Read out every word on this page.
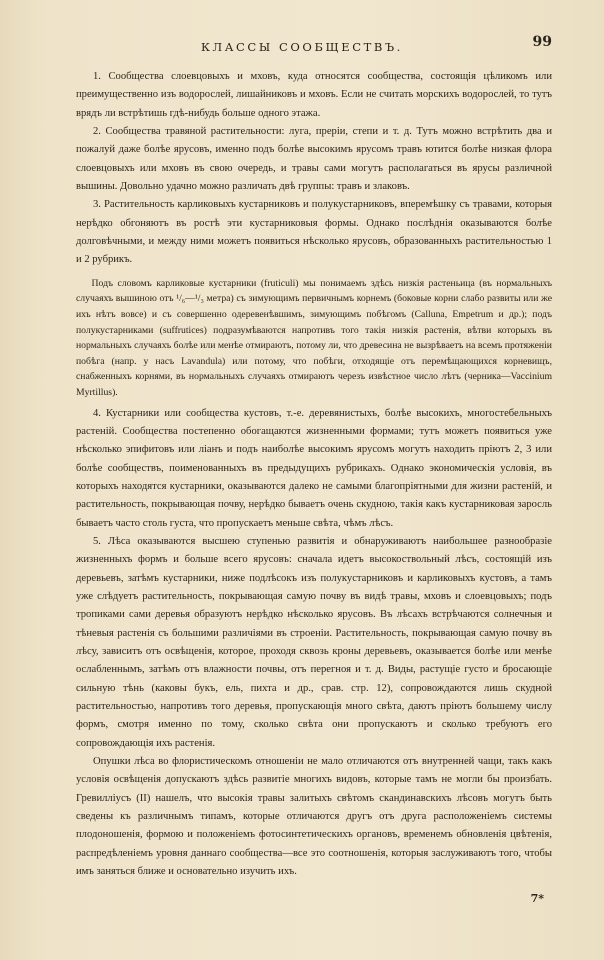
КЛАССЫ СООБЩЕСТВЪ.	99

1. Сообщества слоевцовыхъ и мховъ, куда относятся сообщества, состоящія цѣликомъ или преимущественно изъ водорослей, лишайниковъ и мховъ. Если не считать морскихъ водорослей, то тутъ врядъ ли встрѣтишь гдѣ-нибудь больше одного этажа.

2. Сообщества травяной растительности: луга, преріи, степи и т. д. Тутъ можно встрѣтить два и пожалуй даже болѣе ярусовъ, именно подъ болѣе высокимъ ярусомъ травъ ютится болѣе низкая флора слоевцовыхъ или мховъ въ свою очередь, и травы сами могутъ располагаться въ ярусы различной вышины. Довольно удачно можно различать двѣ группы: травъ и злаковъ.

3. Растительность карликовыхъ кустарниковъ и полукустарниковъ, вперемѣшку съ травами, которыя нерѣдко обгоняютъ въ ростѣ эти кустарниковыя формы. Однако послѣднія оказываются болѣе долговѣчными, и между ними можетъ появиться нѣсколько ярусовъ, образованныхъ растительностью 1 и 2 рубрикъ.

Подъ словомъ карликовые кустарники (fruticuli) мы понимаемъ здѣсь низкія растеньица (въ нормальныхъ случаяхъ вышиною отъ ¹/₆—¹/₃ метра) съ зимующимъ первичнымъ корнемъ (боковые корни слабо развиты или же ихъ нѣтъ вовсе) и съ совершенно одеревенѣвшимъ, зимующимъ побѣгомъ (Calluna, Empetrum и др.); подъ полукустарниками (suffrutices) подразумѣваются напротивъ того такія низкія растенія, вѣтви которыхъ въ нормальныхъ случаяхъ болѣе или менѣе отмираютъ, потому ли, что древесина не вызрѣваетъ на всемъ протяженіи побѣга (напр. у насъ Lavandula) или потому, что побѣги, отходящіе отъ перемѣщающихся корневищъ, снабженныхъ корнями, въ нормальныхъ случаяхъ отмираютъ черезъ извѣстное число лѣтъ (черника—Vaccinium Myrtillus).

4. Кустарники или сообщества кустовъ, т.-е. деревянистыхъ, болѣе высокихъ, многостебельныхъ растеній. Сообщества постепенно обогащаются жизненными формами; тутъ можетъ появиться уже нѣсколько эпифитовъ или ліанъ и подъ наиболѣе высокимъ ярусомъ могутъ находить пріютъ 2, 3 или болѣе сообществъ, поименованныхъ въ предыдущихъ рубрикахъ. Однако экономическія условія, въ которыхъ находятся кустарники, оказываются далеко не самыми благопріятными для жизни растеній, и растительность, покрывающая почву, нерѣдко бываетъ очень скудною, такія какъ кустарниковая заросль бываетъ часто столь густа, что пропускаетъ меньше свѣта, чѣмъ лѣсъ.

5. Лѣса оказываются высшею ступенью развитія и обнаруживаютъ наибольшее разнообразіе жизненныхъ формъ и больше всего ярусовъ: сначала идетъ высокоствольный лѣсъ, состоящій изъ деревьевъ, затѣмъ кустарники, ниже подлѣсокъ изъ полукустарниковъ и карликовыхъ кустовъ, а тамъ уже слѣдуетъ растительность, покрывающая самую почву въ видѣ травы, мховъ и слоевцовыхъ; подъ тропиками сами деревья образуютъ нерѣдко нѣсколько ярусовъ. Въ лѣсахъ встрѣчаются солнечныя и тѣневыя растенія съ большими различіями въ строеніи. Растительность, покрывающая самую почву въ лѣсу, зависитъ отъ освѣщенія, которое, проходя сквозь кроны деревьевъ, оказывается болѣе или менѣе ослабленнымъ, затѣмъ отъ влажности почвы, отъ перегноя и т. д. Виды, растущіе густо и бросающіе сильную тѣнь (каковы букъ, ель, пихта и др., срав. стр. 12), сопровождаются лишь скудной растительностью, напротивъ того деревья, пропускающія много свѣта, даютъ пріютъ большему числу формъ, смотря именно по тому, сколько свѣта они пропускаютъ и сколько требуютъ его сопровождающія ихъ растенія.

Опушки лѣса во флористическомъ отношеніи не мало отличаются отъ внутренней чащи, такъ какъ условія освѣщенія допускаютъ здѣсь развитіе многихъ видовъ, которые тамъ не могли бы произбать. Гревиллiусъ (II) нашелъ, что высокія травы залитыхъ свѣтомъ скандинавскихъ лѣсовъ могутъ быть сведены къ различнымъ типамъ, которые отличаются другъ отъ друга расположеніемъ системы плодоношенія, формою и положеніемъ фотосинтетическихъ органовъ, временемъ обновленія цвѣтенія, распредѣленіемъ уровня даннаго сообщества—все это соотношенія, которыя заслуживаютъ того, чтобы имъ заняться ближе и основательно изучить ихъ.

7*
